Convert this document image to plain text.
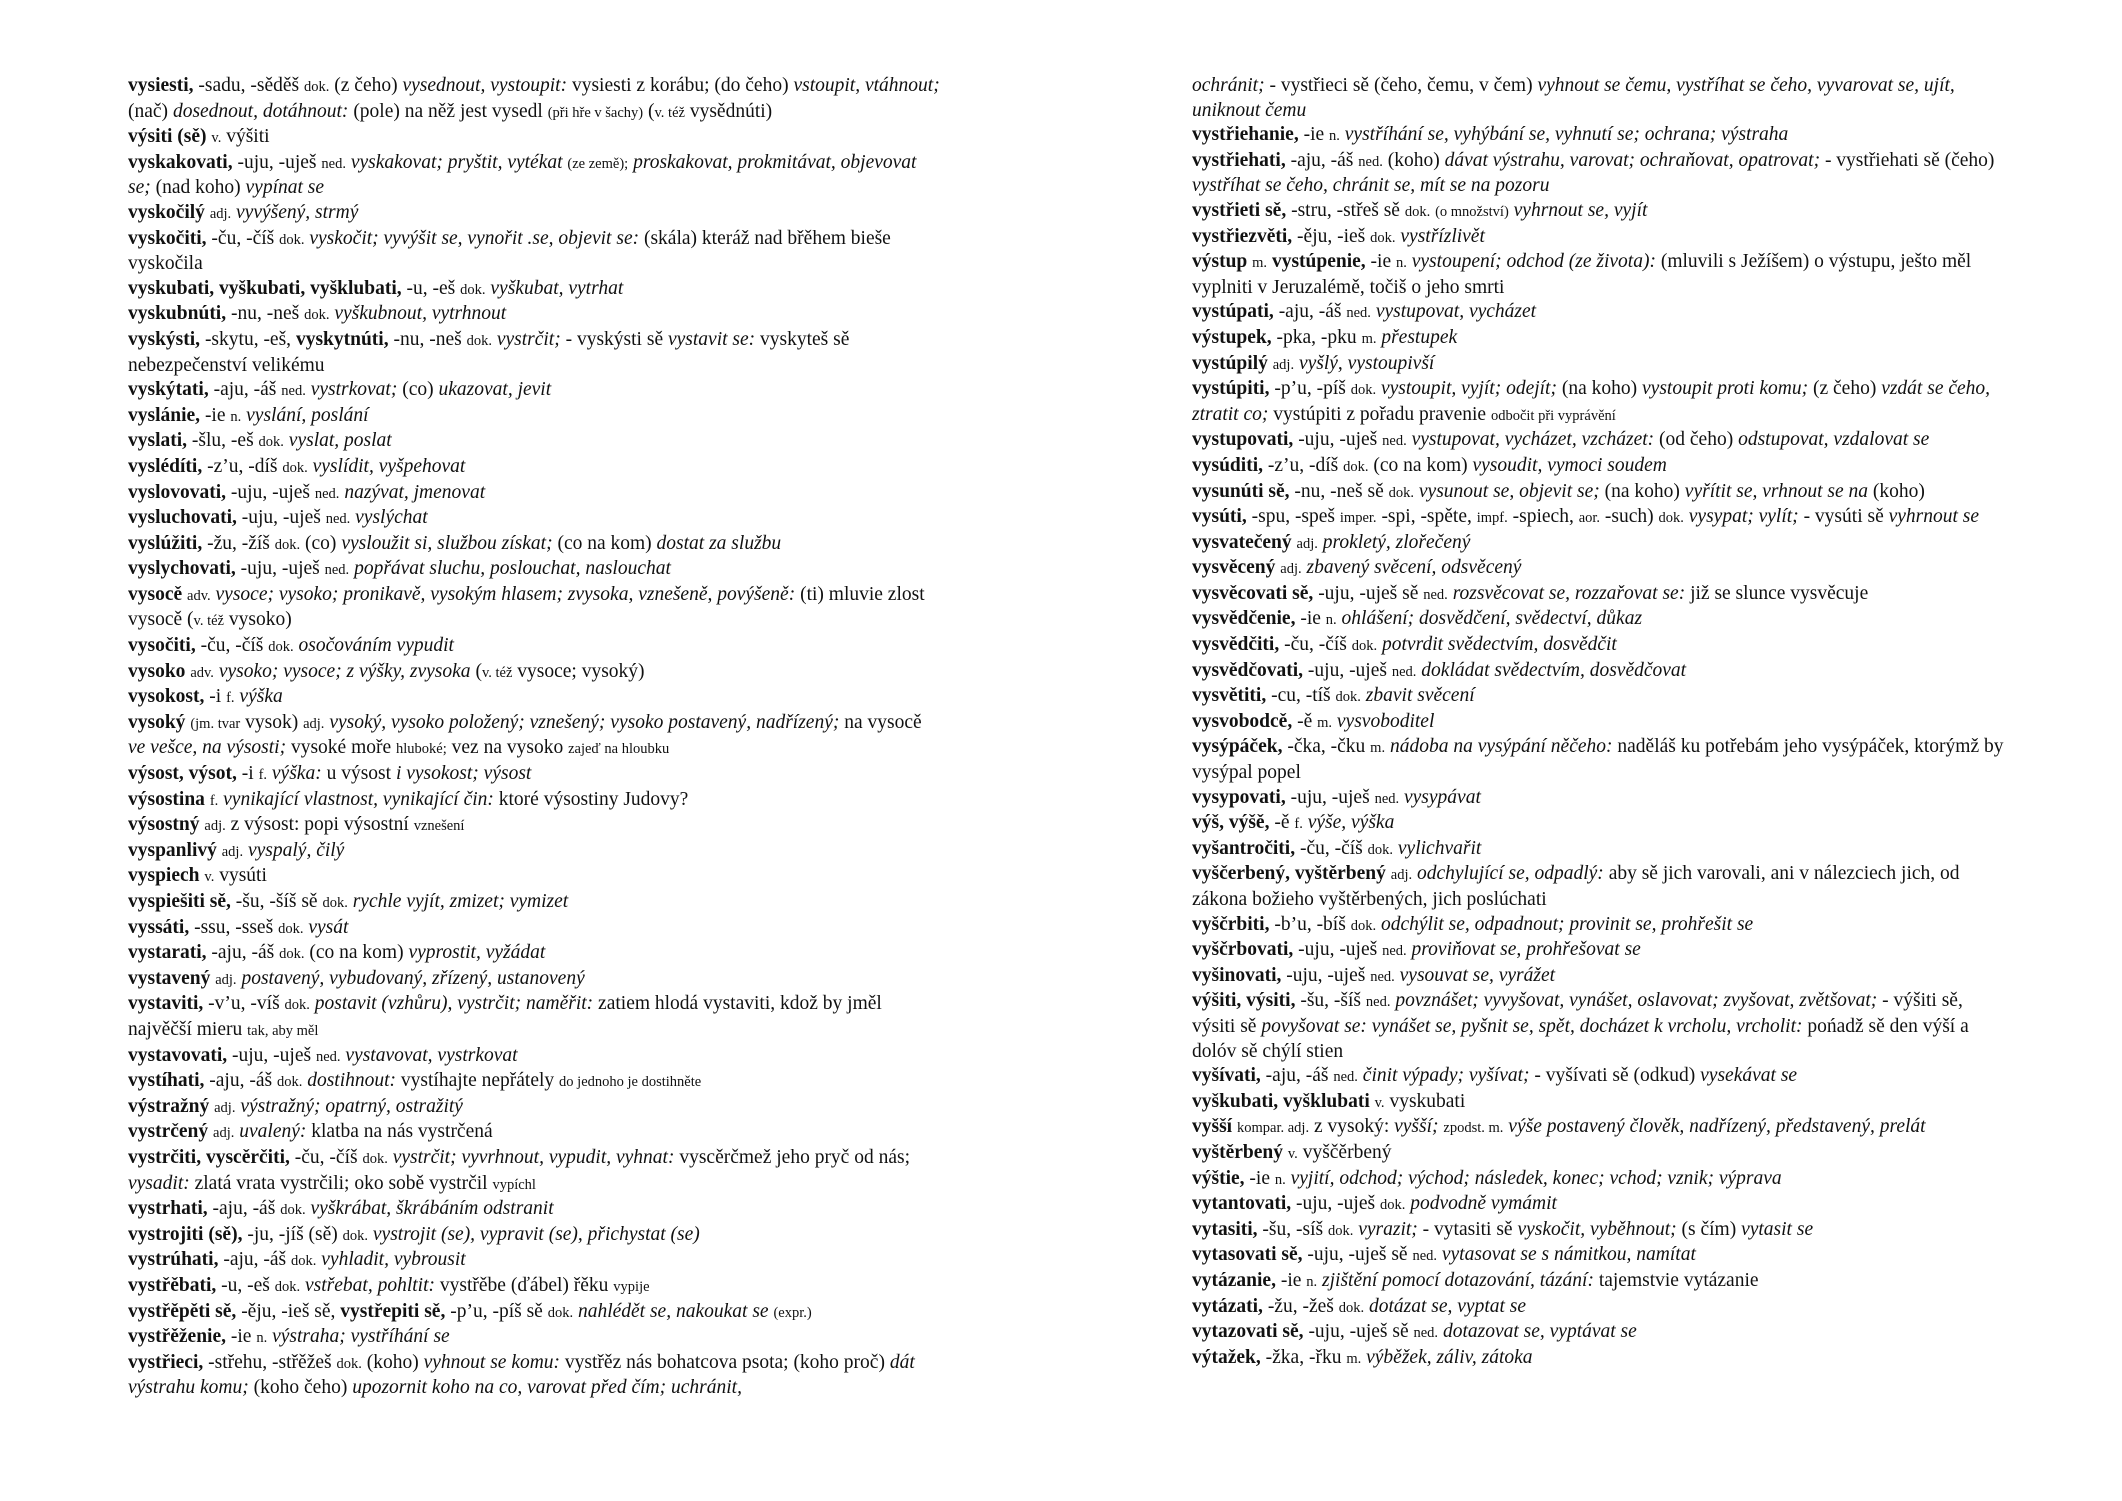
vysiesti, -sadu, -sěděš dok. (z čeho) vysednout, vystoupit: vysiesti z korábu; (do čeho) vstoupit, vtáhnout; (nač) dosednout, dotáhnout: (pole) na něž jest vysedl (při hře v šachy) (v. též vysědnúti)
výsiti (sě) v. výšiti
vyskakovati, -uju, -uješ ned. vyskakovat; pryštit, vytékat (ze země); proskakovat, prokmitávat, objevovat se; (nad koho) vypínat se
vyskočilý adj. vyvýšený, strmý
vyskočiti, -ču, -číš dok. vyskočit; vyvýšit se, vynořit .se, objevit se: (skála) kteráž nad břěhem bieše vyskočila
vyskubati, vyškubati, vyšklubati, -u, -eš dok. vyškubat, vytrhat
vyskubnúti, -nu, -neš dok. vyškubnout, vytrhnout
vyskýsti, -skytu, -eš, vyskytnúti, -nu, -neš dok. vystrčit; - vyskýsti sě vystavit se: vyskyteš sě nebezpečenství velikému
vyskýtati, -aju, -áš ned. vystrkovat; (co) ukazovat, jevit
vyslánie, -ie n. vyslání, poslání
vyslati, -šlu, -eš dok. vyslat, poslat
vyslédíti, -z’u, -díš dok. vyslídit, vyšpehovat
vyslovovati, -uju, -uješ ned. nazývat, jmenovat
vysluchovati, -uju, -uješ ned. vyslýchat
vyslúžiti, -žu, -žíš dok. (co) vysloužit si, službou získat; (co na kom) dostat za službu
vyslychovati, -uju, -uješ ned. popřávat sluchu, poslouchat, naslouchat
vysocě adv. vysoce; vysoko; pronikavě, vysokým hlasem; zvysoka, vznešeně, povýšeně: (ti) mluvie zlost vysocě (v. též vysoko)
vysočiti, -ču, -číš dok. osočováním vypudit
vysoko adv. vysoko; vysoce; z výšky, zvysoka (v. též vysoce; vysoký)
vysokost, -i f. výška
vysoký (jm. tvar vysok) adj. vysoký, vysoko položený; vznešený; vysoko postavený, nadřízený; na vysocě ve vešce, na výsosti; vysoké moře hluboké; vez na vysoko zajeď na hloubku
výsost, výsot, -i f. výška: u výsost i vysokost; výsost
výsostina f. vynikající vlastnost, vynikající čin: ktoré výsostiny Judovy?
výsostný adj. z výsost: popi výsostní vznešení
vyspanlivý adj. vyspalý, čilý
vyspiech v. vysúti
vyspiešiti sě, -šu, -šíš sě dok. rychle vyjít, zmizet; vymizet
vyssáti, -ssu, -sseš dok. vysát
vystarati, -aju, -áš dok. (co na kom) vyprostit, vyžádat
vystavený adj. postavený, vybudovaný, zřízený, ustanovený
vystaviti, -v’u, -víš dok. postavit (vzhůru), vystrčit; naměřit: zatiem hlodá vystaviti, kdož by jměl najvěčší mieru tak, aby měl
vystavovati, -uju, -uješ ned. vystavovat, vystrkovat
vystíhati, -aju, -áš dok. dostihnout: vystíhajte nepřátely do jednoho je dostihněte
výstražný adj. výstražný; opatrný, ostražitý
vystrčený adj. uvalený: klatba na nás vystrčená
vystrčiti, vyscěrčiti, -ču, -číš dok. vystrčit; vyvrhnout, vypudit, vyhnat: vyscěrčmež jeho pryč od nás; vysadit: zlatá vrata vystrčili; oko sobě vystrčil vypíchl
vystrhati, -aju, -áš dok. vyškrábat, škrábáním odstranit
vystrojiti (sě), -ju, -jíš (sě) dok. vystrojit (se), vypravit (se), přichystat (se)
vystrúhati, -aju, -áš dok. vyhladit, vybrousit
vystřěbati, -u, -eš dok. vstřebat, pohltit: vystřěbe (ďábel) řěku vypije
vystřěpěti sě, -ěju, -ieš sě, vystřepiti sě, -p’u, -píš sě dok. nahlédět se, nakoukat se (expr.)
vystřěženie, -ie n. výstraha; vystříhání se
vystřieci, -střehu, -střěžeš dok. (koho) vyhnout se komu: vystřěz nás bohatcova psota; (koho proč) dát výstrahu komu; (koho čeho) upozornit koho na co, varovat před čím; uchránit,
ochránit; - vystřieci sě (čeho, čemu, v čem) vyhnout se čemu, vystříhat se čeho, vyvarovat se, ujít, uniknout čemu
vystřiehanie, -ie n. vystříhání se, vyhýbání se, vyhnutí se; ochrana; výstraha
vystřiehati, -aju, -áš ned. (koho) dávat výstrahu, varovat; ochraňovat, opatrovat; - vystřiehati sě (čeho) vystříhat se čeho, chránit se, mít se na pozoru
vystřieti sě, -stru, -střeš sě dok. (o množství) vyhrnout se, vyjít
vystřiezvěti, -ěju, -ieš dok. vystřízlivět
výstup m. vystúpenie, -ie n. vystoupení; odchod (ze života): (mluvili s Ježíšem) o výstupu, ješto měl vyplniti v Jeruzalémě, točiš o jeho smrti
vystúpati, -aju, -áš ned. vystupovat, vycházet
výstupek, -pka, -pku m. přestupek
vystúpilý adj. vyšlý, vystoupivší
vystúpiti, -p’u, -píš dok. vystoupit, vyjít; odejít; (na koho) vystoupit proti komu; (z čeho) vzdát se čeho, ztratit co; vystúpiti z pořadu pravenie odbočit při vyprávění
vystupovati, -uju, -uješ ned. vystupovat, vycházet, vzcházet: (od čeho) odstupovat, vzdalovat se
vysúditi, -z’u, -díš dok. (co na kom) vysoudit, vymoci soudem
vysunúti sě, -nu, -neš sě dok. vysunout se, objevit se; (na koho) vyřítit se, vrhnout se na (koho)
vysúti, -spu, -speš imper. -spi, -spěte, impf. -spiech, aor. -such) dok. vysypat; vylít; - vysúti sě vyhrnout se
vysvatečený adj. prokletý, zlořečený
vysvěcený adj. zbavený svěcení, odsvěcený
vysvěcovati sě, -uju, -uješ sě ned. rozsvěcovat se, rozzařovat se: již se slunce vysvěcuje
vysvědčenie, -ie n. ohlášení; dosvědčení, svědectví, důkaz
vysvědčiti, -ču, -číš dok. potvrdit svědectvím, dosvědčit
vysvědčovati, -uju, -uješ ned. dokládat svědectvím, dosvědčovat
vysvětiti, -cu, -tíš dok. zbavit svěcení
vysvobodcě, -ě m. vysvoboditel
vysýpáček, -čka, -čku m. nádoba na vysýpání něčeho: naděláš ku potřebám jeho vysýpáček, ktorýmž by vysýpal popel
vysypovati, -uju, -uješ ned. vysypávat
výš, výšě, -ě f. výše, výška
vyšantročiti, -ču, -číš dok. vylichvařit
vyščerbený, vyštěrbený adj. odchylující se, odpadlý: aby sě jich varovali, ani v nálezciech jich, od zákona božieho vyštěrbených, jich poslúchati
vyščrbiti, -b’u, -bíš dok. odchýlit se, odpadnout; provinit se, prohřešit se
vyščrbovati, -uju, -uješ ned. proviňovat se, prohřešovat se
vyšinovati, -uju, -uješ ned. vysouvat se, vyrážet
výšiti, výsiti, -šu, -šíš ned. povznášet; vyvyšovat, vynášet, oslavovat; zvyšovat, zvětšovat; - výšiti sě, výsiti sě povyšovat se: vynášet se, pyšnit se, spět, docházet k vrcholu, vrcholit: pońadž sě den výší a dolóv sě chýlí stien
vyšívati, -aju, -áš ned. činit výpady; vyšívat; - vyšívati sě (odkud) vysekávat se
vyškubati, vyšklubati v. vyskubati
vyšší kompar. adj. z vysoký: vyšší; zpodst. m. výše postavený člověk, nadřízený, představený, prelát
vyštěrbený v. vyščěrbený
výštie, -ie n. vyjití, odchod; východ; následek, konec; vchod; vznik; výprava
vytantovati, -uju, -uješ dok. podvodně vymámit
vytasiti, -šu, -síš dok. vyrazit; - vytasiti sě vyskočit, vyběhnout; (s čím) vytasit se
vytasovati sě, -uju, -uješ sě ned. vytasovat se s námitkou, namítat
vytázanie, -ie n. zjištění pomocí dotazování, tázání: tajemstvie vytázanie
vytázati, -žu, -žeš dok. dotázat se, vyptat se
vytazovati sě, -uju, -uješ sě ned. dotazovat se, vyptávat se
výtažek, -žka, -řku m. výběžek, záliv, zátoka
